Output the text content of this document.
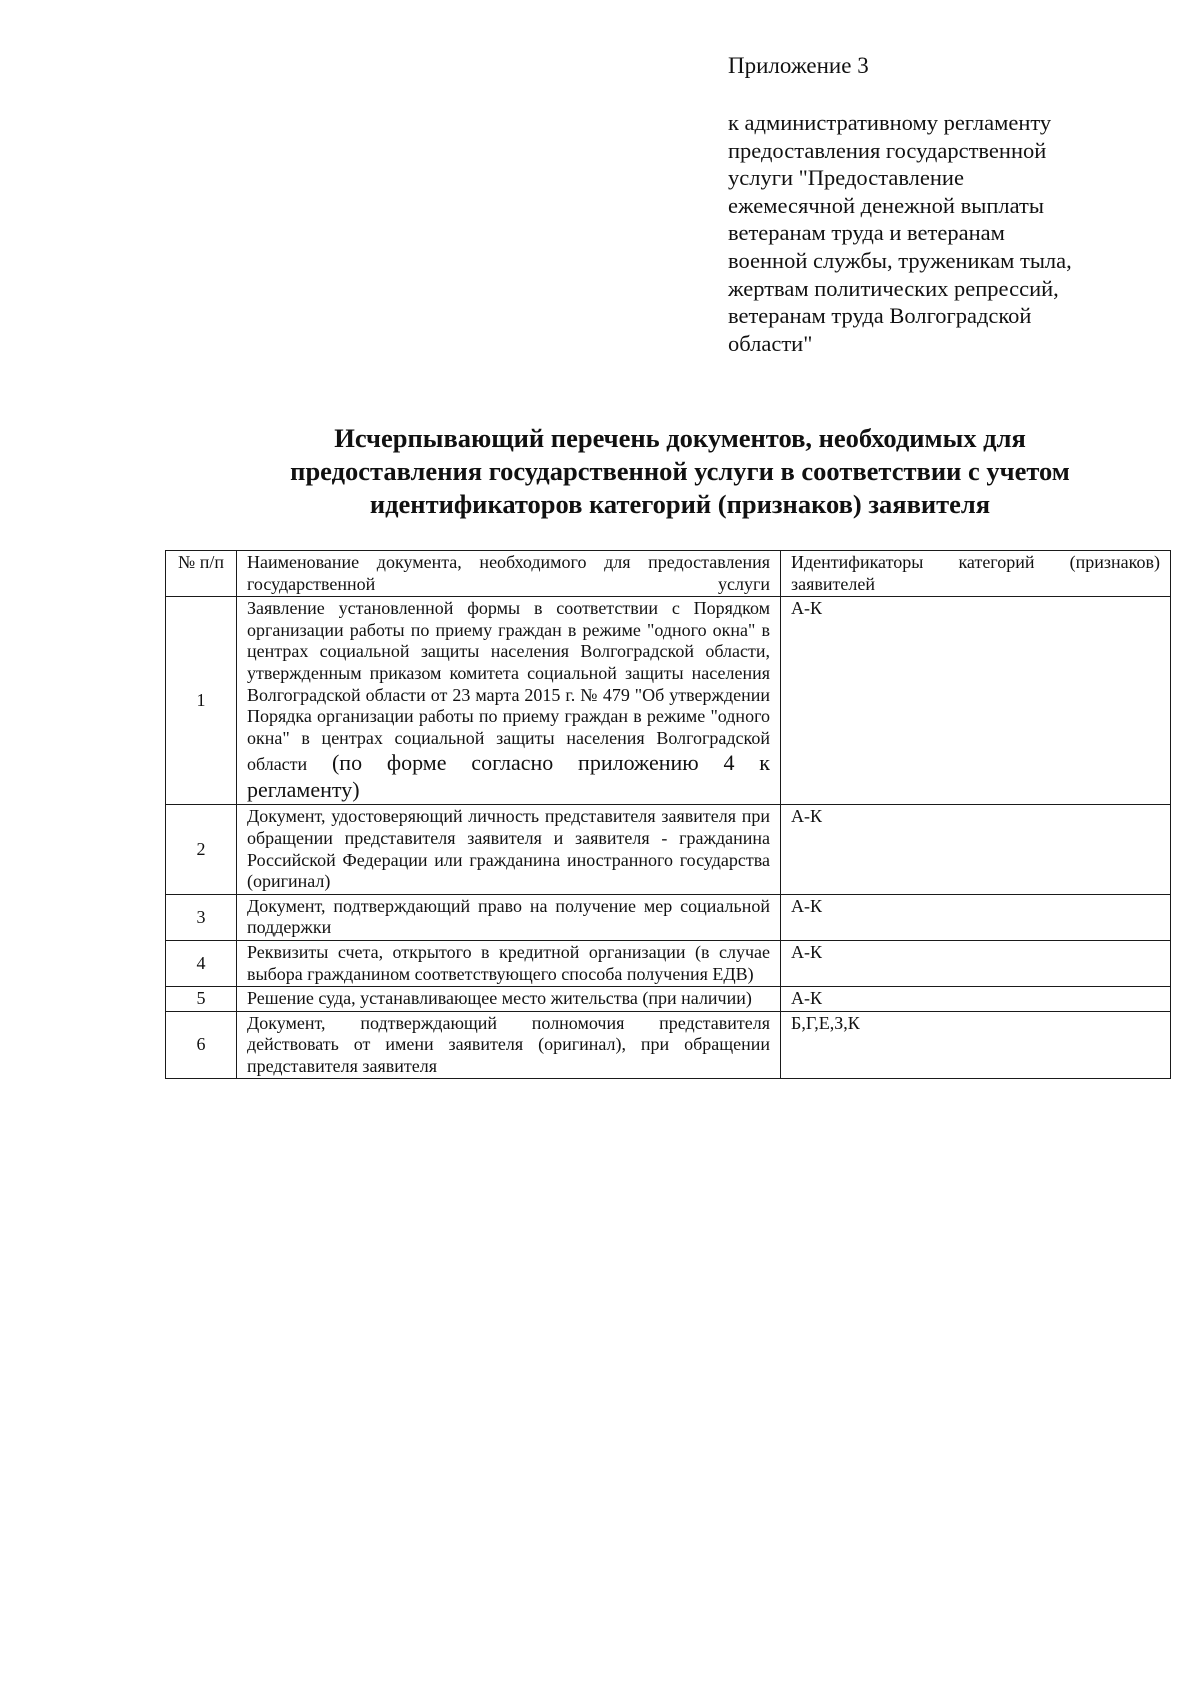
Приложение 3
к административному регламенту
предоставления государственной
услуги "Предоставление
ежемесячной денежной выплаты
ветеранам труда и ветеранам
военной службы, труженикам тыла,
жертвам политических репрессий,
ветеранам труда Волгоградской
области"
Исчерпывающий перечень документов, необходимых для
предоставления государственной услуги в соответствии с учетом
идентификаторов категорий (признаков) заявителя
№ п/п	Наименование документа, необходимого для предоставления государственной услуги	Идентификаторы категорий (признаков) заявителей

1	Заявление установленной формы в соответствии с Порядком организации работы по приему граждан в режиме "одного окна" в центрах социальной защиты населения Волгоградской области, утвержденным приказом комитета социальной защиты населения Волгоградской области от 23 марта 2015 г. № 479 "Об утверждении Порядка организации работы по приему граждан в режиме "одного окна" в центрах социальной защиты населения Волгоградской области (по форме согласно приложению 4 к регламенту)	А-К
2	Документ, удостоверяющий личность представителя заявителя при обращении представителя заявителя и заявителя - гражданина Российской Федерации или гражданина иностранного государства (оригинал)	А-К
3	Документ, подтверждающий право на получение мер социальной поддержки	А-К
4	Реквизиты счета, открытого в кредитной организации (в случае выбора гражданином соответствующего способа получения ЕДВ)	А-К
5	Решение суда, устанавливающее место жительства (при наличии)	А-К
6	Документ, подтверждающий полномочия представителя действовать от имени заявителя (оригинал), при обращении представителя заявителя	Б,Г,Е,З,К
